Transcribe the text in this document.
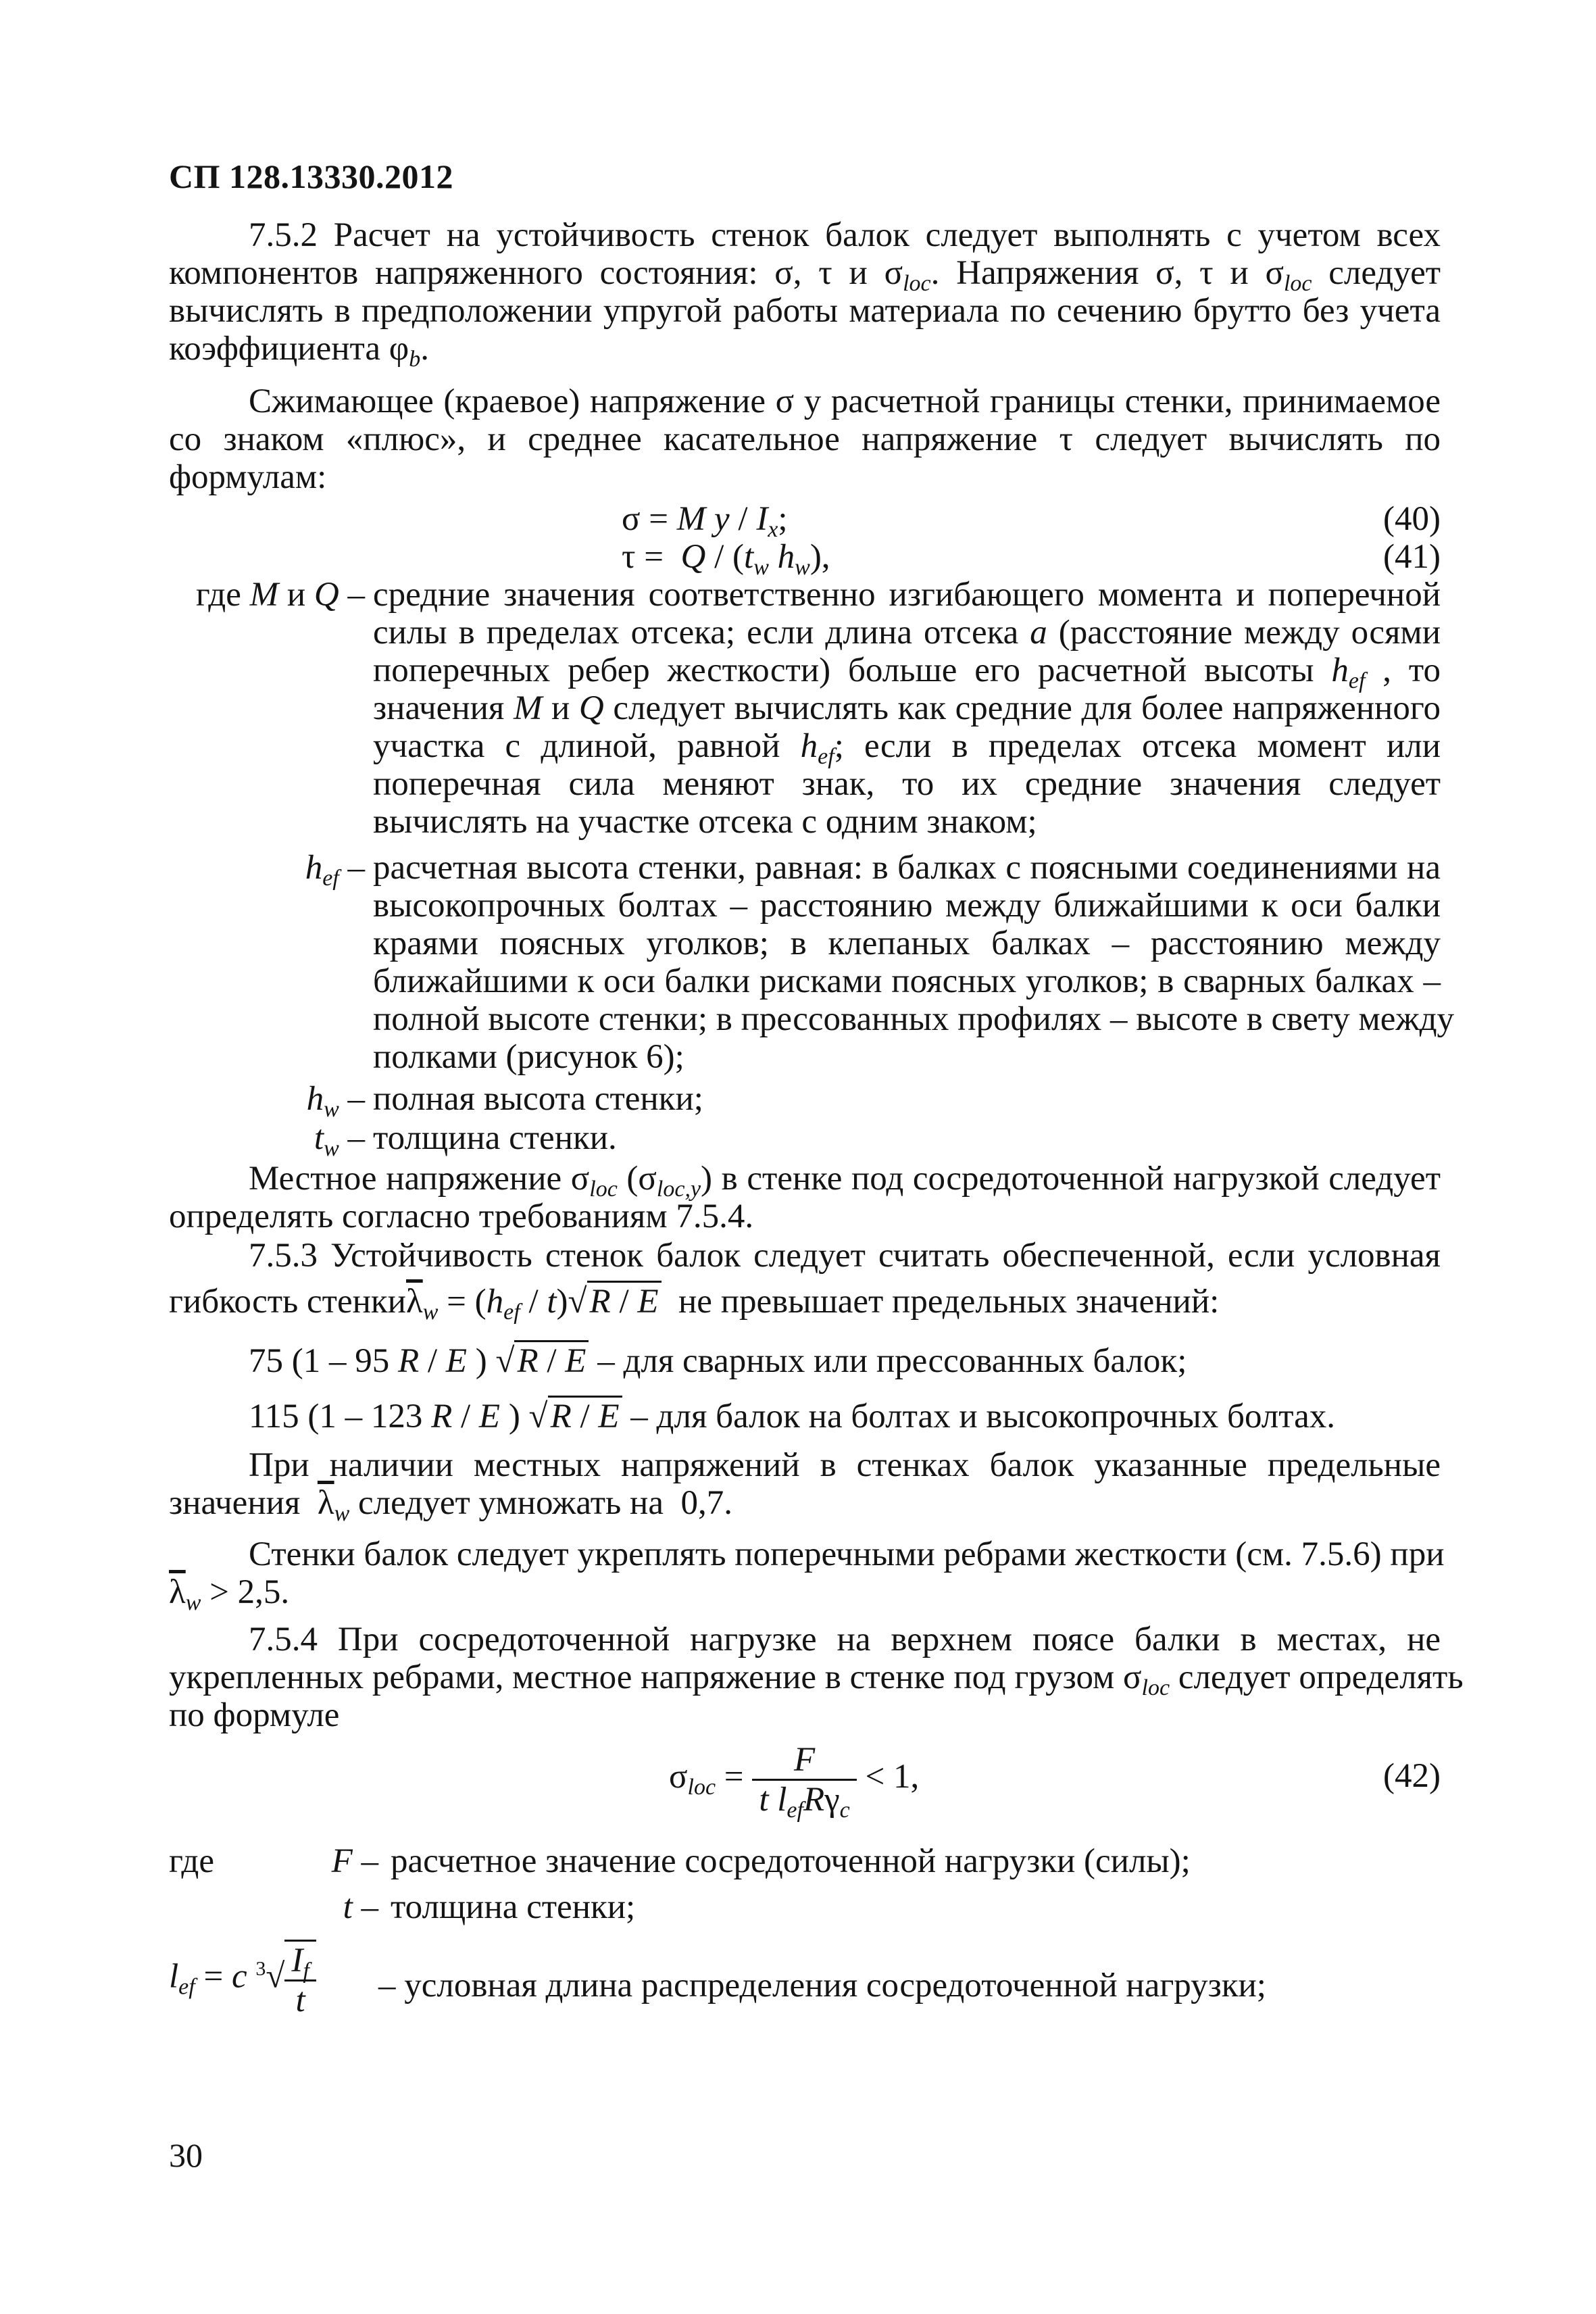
СП 128.13330.2012
7.5.2 Расчет на устойчивость стенок балок следует выполнять с учетом всех
компонентов напряженного состояния: σ, τ и $\sigma_{loc}$. Напряжения σ, τ и $\sigma_{loc}$ следует
вычислять в предположении упругой работы материала по сечению брутто без учета
коэффициента $\varphi_b$.
Сжимающее (краевое) напряжение σ у расчетной границы стенки, принимаемое
со знаком «плюс», и среднее касательное напряжение τ следует вычислять по
формулам:
σ = M y / $I_x$;	(40)
$\tau = Q / (t_w$ $h_w$),	(41)
где M и Q – средние значения соответственно изгибающего момента и поперечной
силы в пределах отсека; если длина отсека a (расстояние между осями
поперечных ребер жесткости) больше его расчетной высоты $h_{ef}$ , то
значения M и Q следует вычислять как средние для более напряженного
участка с длиной, равной $h_{ef}$; если в пределах отсека момент или
поперечная сила меняют знак, то их средние значения следует
вычислять на участке отсека с одним знаком;
$h_{ef}$ – расчетная высота стенки, равная: в балках с поясными соединениями на
высокопрочных болтах – расстоянию между ближайшими к оси балки
краями поясных уголков; в клепаных балках – расстоянию между
ближайшими к оси балки рисками поясных уголков; в сварных балках –
полной высоте стенки; в прессованных профилях – высоте в свету между
полками (рисунок 6);
$h_w$ – полная высота стенки;
$t_w$ – толщина стенки.
Местное напряжение $\sigma_{loc}$ $(\sigma_{loc,y})$ в стенке под сосредоточенной нагрузкой следует
определять согласно требованиям 7.5.4.
7.5.3 Устойчивость стенок балок следует считать обеспеченной, если условная
гибкость $стенки\overline{\lambda}_w = (h_{ef} / t)√R / E$ не превышает предельных значений:
75 (1 – 95 R / E ) √R / E – для сварных или прессованных балок;
115 (1 – 123 R / E ) √R / E – для балок на болтах и высокопрочных болтах.
При наличии местных напряжений в стенках балок указанные предельные
значения  $\overline{\lambda}_w$ следует умножать на  0,7.
Стенки балок следует укреплять поперечными ребрами жесткости (см. 7.5.6) при
$\overline{\lambda}_w > 2,5$.
7.5.4 При сосредоточенной нагрузке на верхнем поясе балки в местах, не
укрепленных ребрами, местное напряжение в стенке под грузом $\sigma_{loc}$ следует определять
по формуле
$\sigma_{loc} = \frac{F}{t l_{ef}R\gamma_c} < 1$,	(42)
где	F – расчетное значение сосредоточенной нагрузки (силы);
t – толщина стенки;
$l_{ef} = c$ $^3√ \frac{I_f}{t}$ – условная длина распределения сосредоточенной нагрузки;
30
